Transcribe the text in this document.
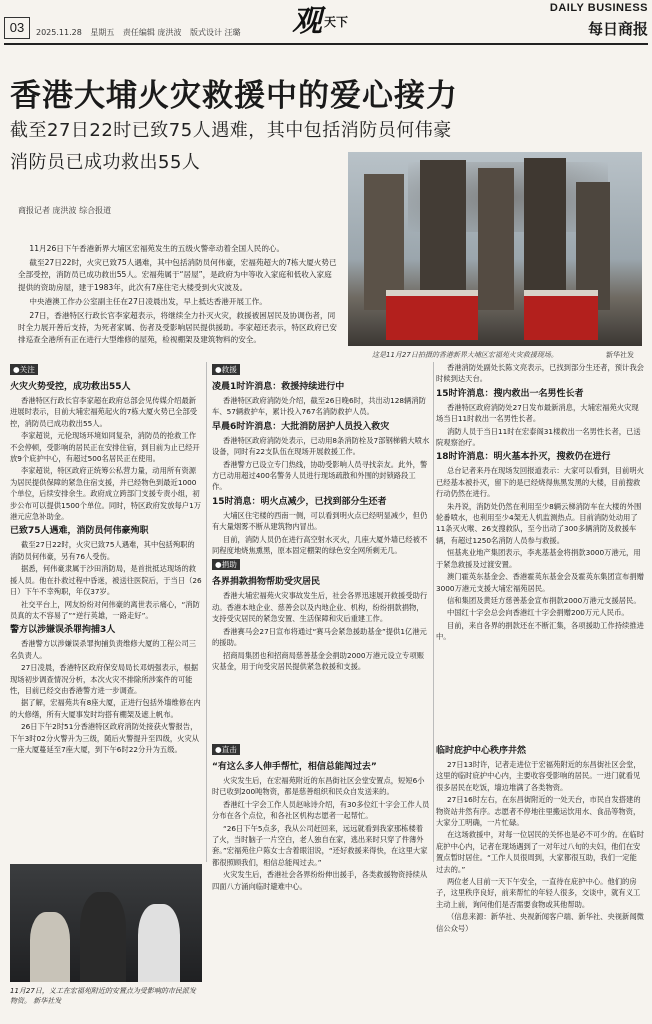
03	2025.11.28 星期五 责任编辑 庞洪波 版式设计 汪璐 观天下
DAILY BUSINESS
每日商报
香港大埔火灾救援中的爱心接力
截至27日22时已致75人遇难，其中包括消防员何伟豪
消防员已成功救出55人
商报记者 庞洪波 综合报道

11月26日下午香港新界大埔区宏福苑发生的五级火警牵动着全国人民的心。

截至27日22时，火灾已致75人遇难，其中包括消防员何伟豪，宏福苑超大的7栋大厦火势已全部受控，消防员已成功救出55人。宏福苑属于“居屋”，是政府为中等收入家庭和低收入家庭提供的资助房屋，建于1983年，此次有7座住宅大楼受到火灾波及。

中央港澳工作办公室副主任在27日凌晨出发，早上抵达香港开展工作。

27日，香港特区行政长官李家超表示，将继续全力扑灭火灾，救援被困居民及协调伤者，同时全力展开善后支持，为死者家属、伤者及受影响居民提供援助。李家超还表示，特区政府已安排巡查全港所有正在进行大型维修的屋苑，检视棚架及建筑物料的安全。

这是11月27日拍摄的香港新界大埔区宏福苑火灾救援现场。	新华社发
●关注
火灾火势受控，成功救出55人

香港特区行政长官李家超在政府总部会见传媒介绍最新进展时表示，目前大埔宏福苑起火的7栋大厦火势已全部受控，消防员已成功救出55人。

李家超说，元伦现场环境如同复杂，消防员的抢救工作不会停顿，受影响的居民正在安排住宿，到目前为止已经开放9个庇护中心，有超过500名居民正在使用。

李家超说，特区政府正统筹公私营力量，动用所有资源为居民提供保障的紧急住宿支援，并已经物色到最近1000个单位，后续安排余生。政府成立跨部门支援专责小组，初步公布可以提供1500个单位。同时，特区政府发放每户1万港元应急补助金。

已致75人遇难，消防员何伟豪殉职

截至27日22时，火灾已致75人遇难，其中包括殉职的消防员何伟豪，另有76人受伤。

据悉，何伟豪隶属于沙田消防局，是首批抵达现场的救援人员。他在扑救过程中昏迷，被送往医院后，于当日（26日）下午不幸殉职，年仅37岁。

社交平台上，网友纷纷对何伟豪的离世表示痛心，“消防员真的太不容易了”“逆行英雄，一路走好”。

警方以涉嫌误杀罪拘捕3人

香港警方以涉嫌误杀罪拘捕负责维修大厦的工程公司三名负责人。

27日凌晨，香港特区政府保安局局长邓炳强表示，根据现场初步调查情况分析，本次火灾不排除所涉案件的可能性，目前已经交由香港警方进一步调查。

据了解，宏福苑共有8座大厦，正进行包括外墙维修在内的大修缮，所有大厦事发时均搭有棚架及遮上帆布。

26日下午2时51分香港特区政府消防处接获火警报告，下午3时02分火警升为三级，随后火警提升至四级，火灾从一座大厦蔓延至7座大厦，到下午6时22分升为五级。

●救援
凌晨1时许消息：救援持续进行中

香港特区政府消防处介绍，截至26日晚6时，共出动128辆消防车、57辆救护车，累计投入767名消防救护人员。

早晨6时许消息：大批消防居护人员投入救灾

香港特区政府消防处表示，已动用8条消防栓及7部钢梯鹤大喷水设备，同时有22支队伍在现场开展救援工作。

香港警方已设立专门热线，协助受影响人员寻找亲友。此外，警方已动用超过400名警务人员进行现场疏散和外围的封锁路段工作。

15时消息：明火点减少，已找到部分生还者

大埔区住宅楼的西南一侧，可以看到明火点已经明显减少，但仍有大量烟雾不断从建筑物内冒出。

目前，消防人员仍在进行高空射水灭火，几座大厦外墙已经被不同程度地烧焦熏黑，原本固定棚架的绿色安全网所剩无几。

●捐助
各界捐款捐物帮助受灾居民

香港大埔宏福苑火灾事故发生后，社会各界迅速展开救援受助行动。香港本地企业、慈善会以及内地企业、机构，纷纷捐款捐物，支持受灾居民的紧急安置、生活保障和灾后重建工作。

香港赛马会27日宣布将通过“赛马会紧急援助基金”提供1亿港元的援助。

招商局集团也和招商局慈善基金会捐助2000万港元设立专项赈灾基金，用于向受灾居民提供紧急救援和支援。

香港消防处副处长陈文亮表示，已找到部分生还者，预计我会时候到达天台。

15时许消息：搜内救出一名男性长者

香港特区政府消防处27日发布最新消息，大埔宏福苑火灾现场当日11时救出一名男性长者。

消防人员于当日11时在宏泰阁31楼救出一名男性长者，已送院观察治疗。

18时许消息：明火基本扑灭，搜救仍在进行

总台记者来丹在现场发回报道表示：大家可以看到，目前明火已经基本被扑灭，留下的是已经烧得焦黑发黑的大楼，目前搜救行动仍然在进行。

朱丹说，消防处仍然在利用至少8辆云梯消防车在大楼的外围轮番喷水，也利用至少4架无人机监测热点。目前消防处动用了11条灭火喉、26支搜救队，至今出动了300多辆消防及救援车辆，有超过1250名消防人员参与救援。

恒基兆业地产集团表示，李兆基基金将捐款3000万港元，用于紧急救援及过渡安置。

澳门霍英东基金会、香港霍英东基金会及霍英东集团宣布捐赠3000万港元支援大埔宏福苑居民。

信和集团及黄廷方慈善基金宣布捐款2000万港元支援居民。

中国红十字会总会向香港红十字会捐赠200万元人民币。

目前，来自各界的捐款还在不断汇集，各项援助工作持续推进中。

●直击
“有这么多人伸手帮忙，相信总能闯过去”

火灾发生后，在宏福苑附近的东昌街社区会堂安置点，短短6小时已收到200吨物资，都是慈善组织和民众自发送来的。

香港红十字会工作人员赵咏诗介绍，有30多位红十字会工作人员分布在各个点位，和各社区机构志愿者一起帮忙。

“26日下午5点多，我从公司赶回来，远远就看到我家那栋楼着了火，当时脑子一片空白，老人独自在家，逃出来时只穿了件薄外套。”宏福苑住户陈女士含着眼泪说，“还好救援来得快，在这里大家都很照顾我们，相信总能闯过去。”

火灾发生后，香港社会各界纷纷伸出援手，各类救援物资持续从四面八方涌向临时避难中心。

临时庇护中心秩序井然

27日13时许，记者走进位于宏福苑附近的东昌街社区会堂，这里的临时庇护中心内，主要收容受影响的居民。一进门就看见很多居民在吃饭，墙边堆满了各类物资。

27日16时左右，在东昌街附近的一处天台，市民自发搭建的物资站井然有序。志愿者不停地往里搬运饮用水、食品等物资，大家分工明确，一片忙碌。

在这场救援中，对每一位居民的关怀也是必不可少的。在临时庇护中心内，记者在现场遇到了一对年过八旬的夫妇，他们在安置点暂时居住。“工作人员很周到，大家都很互助，我们一定能过去的。”

两位老人目前一天下午安全，一直待在庇护中心。他们的房子，这里秩序良好，前来帮忙的年轻人很多，交谈中，就有义工主动上前，询问他们是否需要食物或其他帮助。

（信息来源：新华社、央视新闻客户端、新华社、央视新闻微信公众号）

11月27日，义工在宏福苑附近的安置点为受影响的市民派发物资。 新华社发
